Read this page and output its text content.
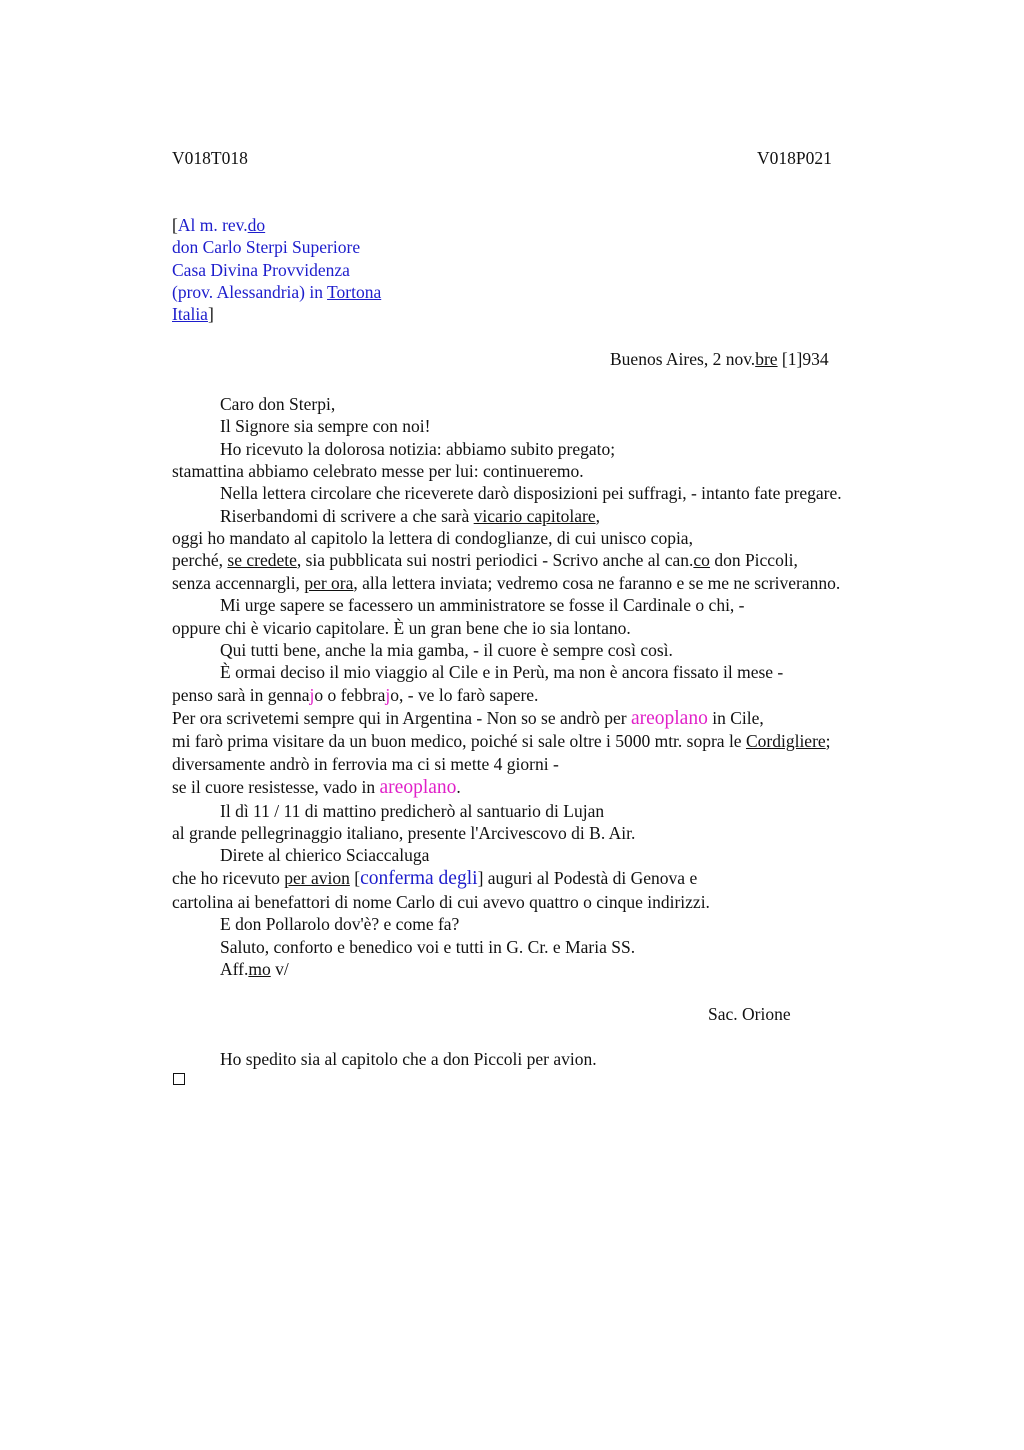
V018T018	V018P021
[Al m. rev.do
don Carlo Sterpi Superiore
Casa Divina Provvidenza
(prov. Alessandria) in Tortona
Italia]
Buenos Aires, 2 nov.bre [1]934
Caro don Sterpi,
Il Signore sia sempre con noi!
Ho ricevuto la dolorosa notizia: abbiamo subito pregato;
stamattina abbiamo celebrato messe per lui: continueremo.
Nella lettera circolare che riceverete darò disposizioni pei suffragi, - intanto fate pregare.
Riserbandomi di scrivere a che sarà vicario capitolare,
oggi ho mandato al capitolo la lettera di condoglianze, di cui unisco copia,
perché, se credete, sia pubblicata sui nostri periodici - Scrivo anche al can.co don Piccoli,
senza accennargli, per ora, alla lettera inviata; vedremo cosa ne faranno e se me ne scriveranno.
Mi urge sapere se facessero un amministratore se fosse il Cardinale o chi, -
oppure chi è vicario capitolare. È un gran bene che io sia lontano.
Qui tutti bene, anche la mia gamba, - il cuore è sempre così così.
È ormai deciso il mio viaggio al Cile e in Perù, ma non è ancora fissato il mese -
penso sarà in gennajo o febbrajo, - ve lo farò sapere.
Per ora scrivetemi sempre qui in Argentina - Non so se andrò per areoplano in Cile,
mi farò prima visitare da un buon medico, poiché si sale oltre i 5000 mtr. sopra le Cordigliere;
diversamente andrò in ferrovia ma ci si mette 4 giorni -
se il cuore resistesse, vado in areoplano.
Il dì 11 / 11 di mattino predicherò al santuario di Lujan
al grande pellegrinaggio italiano, presente l'Arcivescovo di B. Air.
Direte al chierico Sciaccaluga
che ho ricevuto per avion [conferma degli] auguri al Podestà di Genova e
cartolina ai benefattori di nome Carlo di cui avevo quattro o cinque indirizzi.
E don Pollarolo dov'è? e come fa?
Saluto, conforto e benedico voi e tutti in G. Cr. e Maria SS.
Aff.mo v/
Sac. Orione
Ho spedito sia al capitolo che a don Piccoli per avion.
